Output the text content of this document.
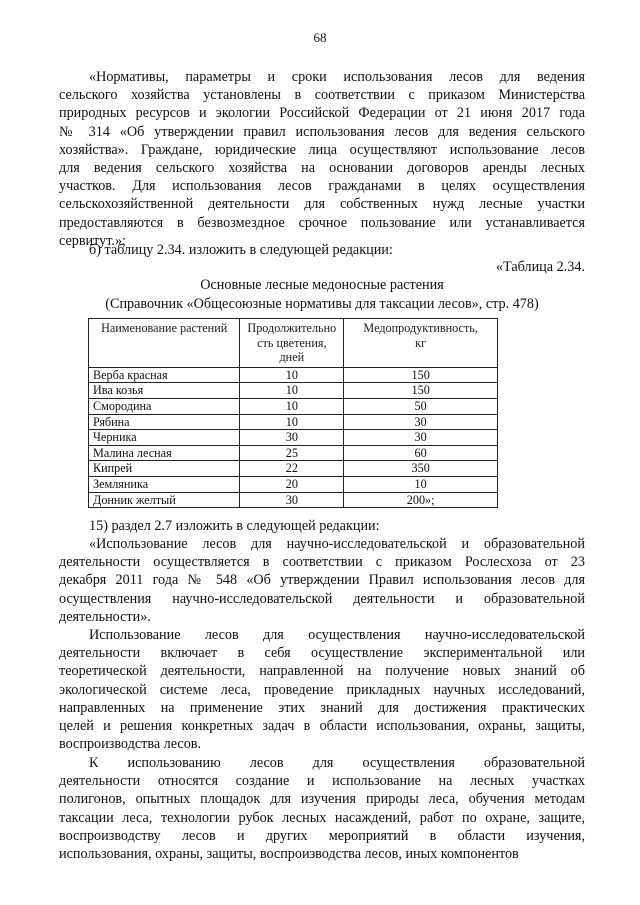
68
«Нормативы, параметры и сроки использования лесов для ведения
сельского хозяйства установлены в соответствии с приказом Министерства
природных ресурсов и экологии Российской Федерации от 21 июня 2017 года
№ 314 «Об утверждении правил использования лесов для ведения сельского
хозяйства». Граждане, юридические лица осуществляют использование лесов
для ведения сельского хозяйства на основании договоров аренды лесных
участков. Для использования лесов гражданами в целях осуществления
сельскохозяйственной деятельности для собственных нужд лесные участки
предоставляются в безвозмездное срочное пользование или устанавливается
сервитут.»;
б) таблицу 2.34. изложить в следующей редакции:
«Таблица 2.34.
Основные лесные медоносные растения
(Справочник «Общесоюзные нормативы для таксации лесов», стр. 478)
Наименование растений	Продолжительно
сть цветения,
дней	Медопродуктивность,
кг
Верба красная	10	150
Ива козья	10	150
Смородина	10	50
Рябина	10	30
Черника	30	30
Малина лесная	25	60
Кипрей	22	350
Земляника	20	10
Донник желтый	30	200»;
15) раздел 2.7 изложить в следующей редакции:
«Использование лесов для научно-исследовательской и образовательной
деятельности осуществляется в соответствии с приказом Рослесхоза от 23
декабря 2011 года № 548 «Об утверждении Правил использования лесов для
осуществления научно-исследовательской деятельности и образовательной
деятельности».
Использование лесов для осуществления научно-исследовательской
деятельности включает в себя осуществление экспериментальной или
теоретической деятельности, направленной на получение новых знаний об
экологической системе леса, проведение прикладных научных исследований,
направленных на применение этих знаний для достижения практических
целей и решения конкретных задач в области использования, охраны, защиты,
воспроизводства лесов.
К использованию лесов для осуществления образовательной
деятельности относятся создание и использование на лесных участках
полигонов, опытных площадок для изучения природы леса, обучения методам
таксации леса, технологии рубок лесных насаждений, работ по охране, защите,
воспроизводству лесов и других мероприятий в области изучения,
использования, охраны, защиты, воспроизводства лесов, иных компонентов
